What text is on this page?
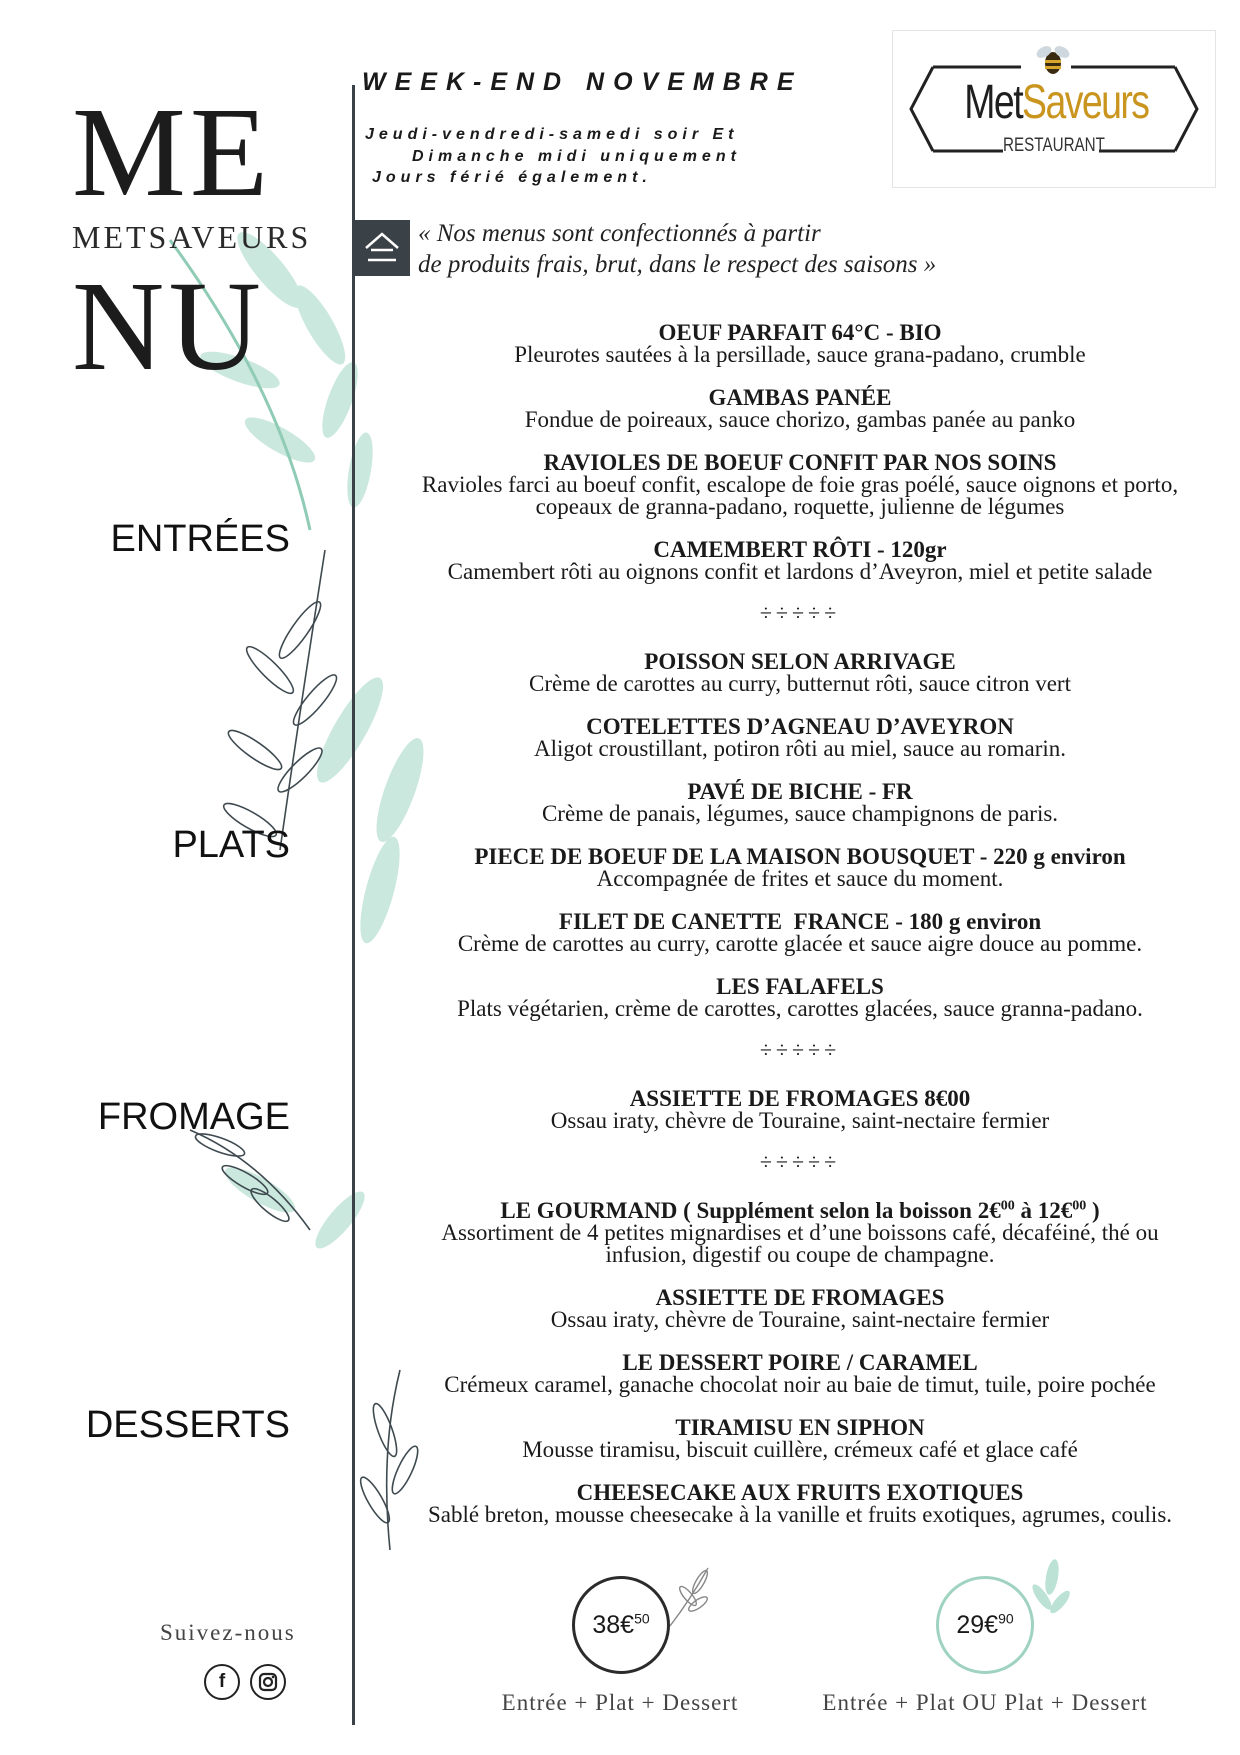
ME
METSAVEURS
NU
ENTRÉES
PLATS
FROMAGE
DESSERTS
WEEK-END NOVEMBRE
Jeudi-vendredi-samedi soir Et
Dimanche midi uniquement
Jours férié également.
« Nos menus sont confectionnés à partir
de produits frais, brut, dans le respect des saisons »
MetSaveurs
RESTAURANT
OEUF PARFAIT 64°C - BIO
Pleurotes sautées à la persillade, sauce grana-padano, crumble
GAMBAS PANÉE
Fondue de poireaux, sauce chorizo, gambas panée au panko
RAVIOLES DE BOEUF CONFIT PAR NOS SOINS
Ravioles farci au boeuf confit, escalope de foie gras poélé, sauce oignons et porto,
copeaux de granna-padano, roquette, julienne de légumes
CAMEMBERT RÔTI - 120gr
Camembert rôti au oignons confit et lardons d’Aveyron, miel et petite salade
÷÷÷÷÷
POISSON SELON ARRIVAGE
Crème de carottes au curry, butternut rôti, sauce citron vert
COTELETTES D’AGNEAU D’AVEYRON
Aligot croustillant, potiron rôti au miel, sauce au romarin.
PAVÉ DE BICHE - FR
Crème de panais, légumes, sauce champignons de paris.
PIECE DE BOEUF DE LA MAISON BOUSQUET - 220 g environ
Accompagnée de frites et sauce du moment.
FILET DE CANETTE  FRANCE - 180 g environ
Crème de carottes au curry, carotte glacée et sauce aigre douce au pomme.
LES FALAFELS
Plats végétarien, crème de carottes, carottes glacées, sauce granna-padano.
÷÷÷÷÷
ASSIETTE DE FROMAGES 8€00
Ossau iraty, chèvre de Touraine, saint-nectaire fermier
÷÷÷÷÷
LE GOURMAND ( Supplément selon la boisson 2€$^{00}$ à 12€$^{00}$ )
Assortiment de 4 petites mignardises et d’une boissons café, décaféiné, thé ou
infusion, digestif ou coupe de champagne.
ASSIETTE DE FROMAGES
Ossau iraty, chèvre de Touraine, saint-nectaire fermier
LE DESSERT POIRE / CARAMEL
Crémeux caramel, ganache chocolat noir au baie de timut, tuile, poire pochée
TIRAMISU EN SIPHON
Mousse tiramisu, biscuit cuillère, crémeux café et glace café
CHEESECAKE AUX FRUITS EXOTIQUES
Sablé breton, mousse cheesecake à la vanille et fruits exotiques, agrumes, coulis.
Suivez-nous
f
38€$^{50}$	29€$^{90}$
Entrée + Plat + Dessert	Entrée + Plat OU Plat + Dessert
